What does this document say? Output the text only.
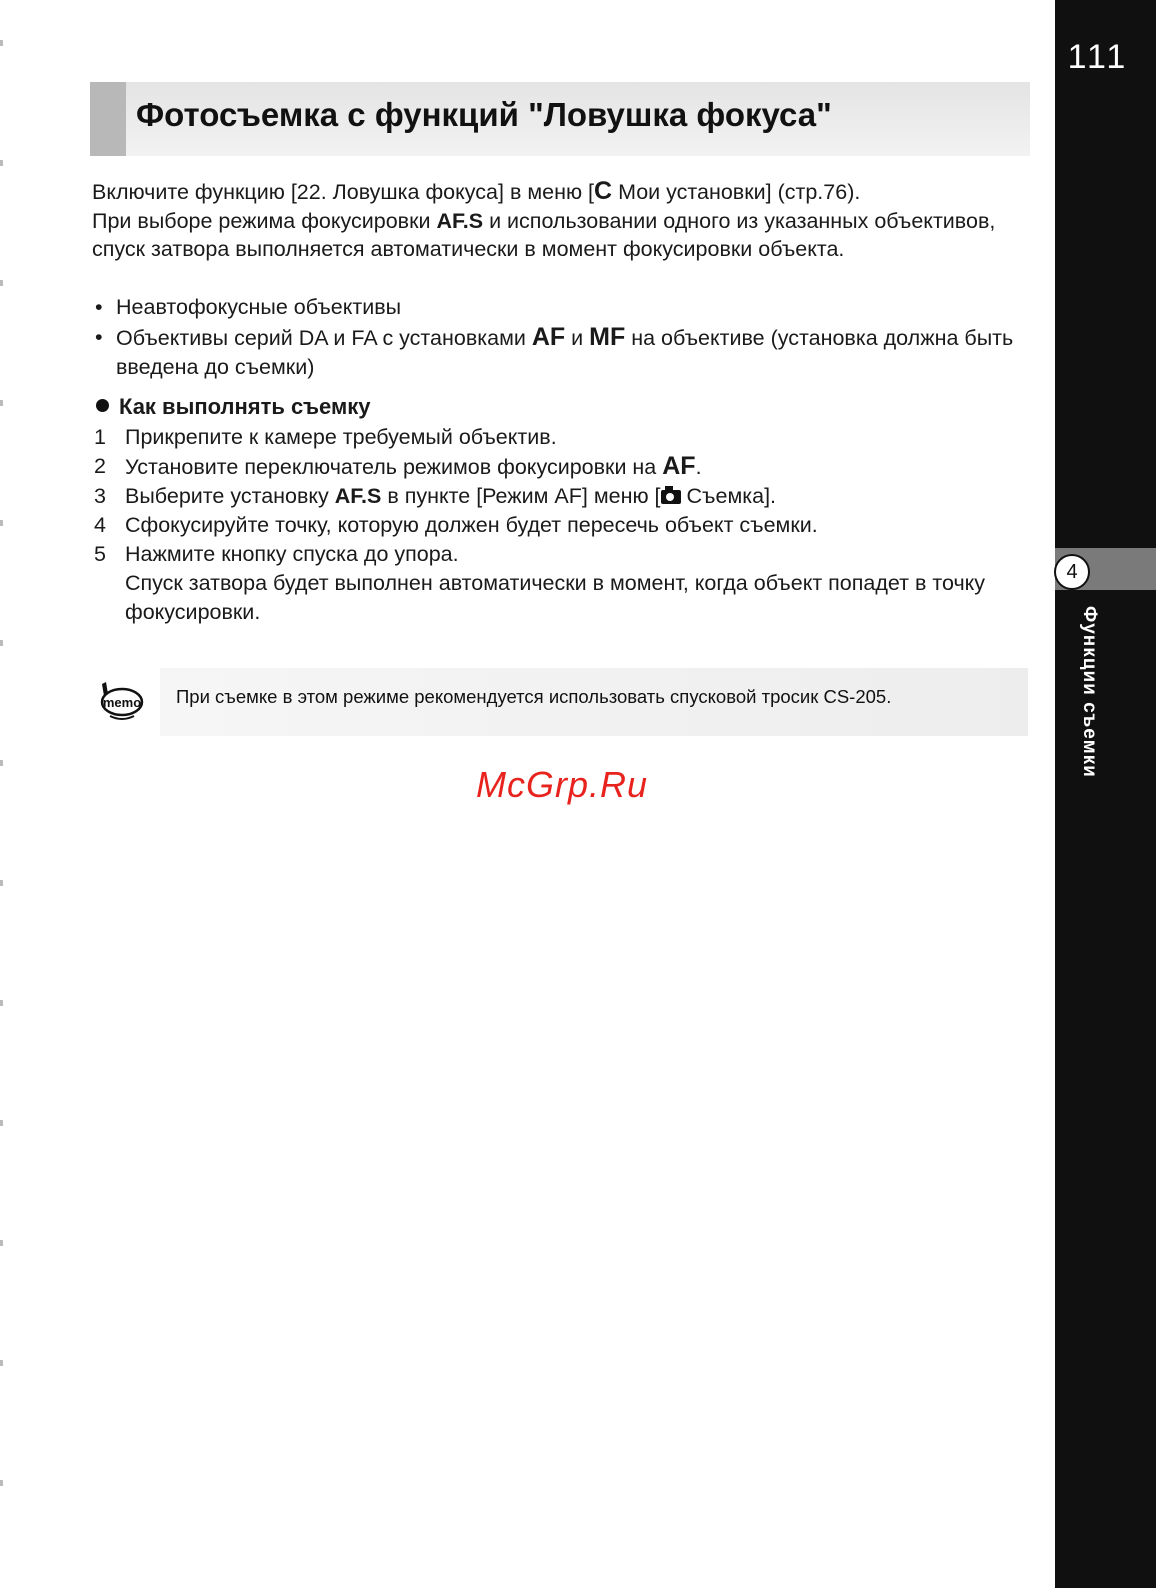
111
4
Функции съемки
Фотосъемка с функций "Ловушка фокуса"

Включите функцию [22. Ловушка фокуса] в меню [C Мои установки] (стр.76).
При выборе режима фокусировки AF.S и использовании одного из указанных объективов, спуск затвора выполняется автоматически в момент фокусировки объекта.

• Неавтофокусные объективы
• Объективы серий DA и FA с установками AF и MF на объективе (установка должна быть введена до съемки)
Как выполнять съемку
1 Прикрепите к камере требуемый объектив.
2 Установите переключатель режимов фокусировки на AF.
3 Выберите установку AF.S в пункте [Режим AF] меню [ Съемка].
4 Сфокусируйте точку, которую должен будет пересечь объект съемки.
5 Нажмите кнопку спуска до упора.
Спуск затвора будет выполнен автоматически в момент, когда объект попадет в точку фокусировки.
memo При съемке в этом режиме рекомендуется использовать спусковой тросик CS-205.

McGrp.Ru
